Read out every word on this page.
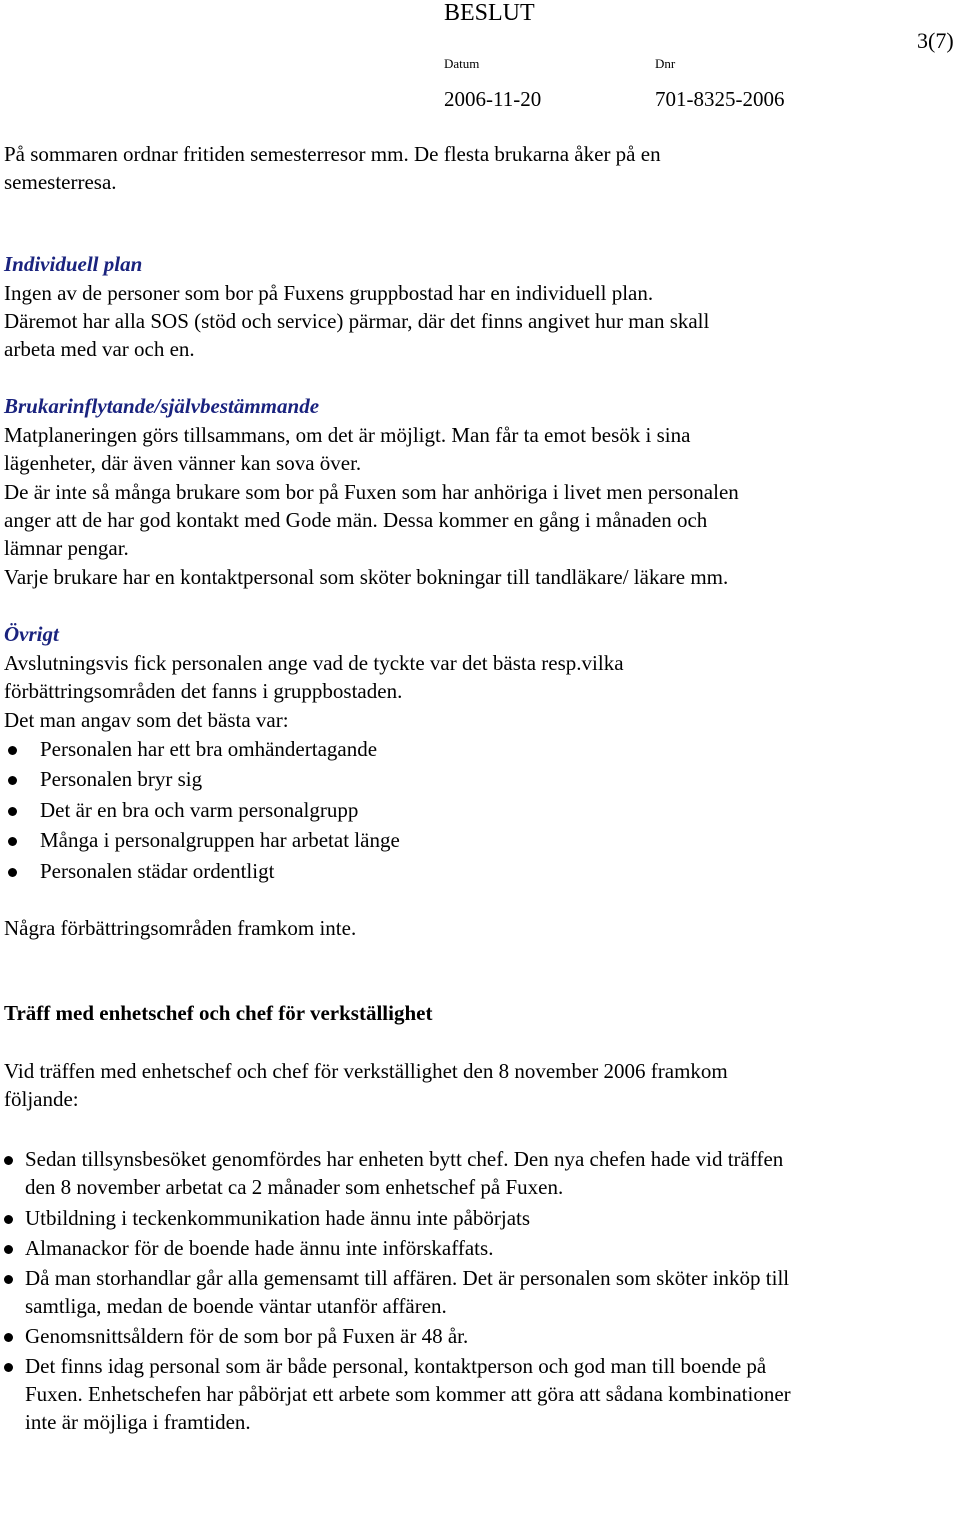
BESLUT
3(7)
Datum	Dnr
2006-11-20	701-8325-2006

På sommaren ordnar fritiden semesterresor mm. De flesta brukarna åker på en

semesterresa.

Individuell plan

Ingen av de personer som bor på Fuxens gruppbostad har en individuell plan.

Däremot har alla SOS (stöd och service) pärmar, där det finns angivet hur man skall

arbeta med var och en.

Brukarinflytande/självbestämmande

Matplaneringen görs tillsammans, om det är möjligt. Man får ta emot besök i sina

lägenheter, där även vänner kan sova över.

De är inte så många brukare som bor på Fuxen som har anhöriga i livet men personalen

anger att de har god kontakt med Gode män. Dessa kommer en gång i månaden och

lämnar pengar.

Varje brukare har en kontaktpersonal som sköter bokningar till tandläkare/ läkare mm.

Övrigt

Avslutningsvis fick personalen ange vad de tyckte var det bästa resp.vilka

förbättringsområden det fanns i gruppbostaden.

Det man angav som det bästa var:

Personalen har ett bra omhändertagande

Personalen bryr sig

Det är en bra och varm personalgrupp

Många i personalgruppen har arbetat länge

Personalen städar ordentligt

Några förbättringsområden framkom inte.

Träff med enhetschef och chef för verkställighet

Vid träffen med enhetschef och chef för verkställighet den 8 november 2006 framkom

följande:

Sedan tillsynsbesöket genomfördes har enheten bytt chef. Den nya chefen hade vid träffen

den 8 november arbetat ca 2 månader som enhetschef på Fuxen.

Utbildning i teckenkommunikation hade ännu inte påbörjats

Almanackor för de boende hade ännu inte införskaffats.

Då man storhandlar går alla gemensamt till affären. Det är personalen som sköter inköp till

samtliga, medan de boende väntar utanför affären.

Genomsnittsåldern för de som bor på Fuxen är 48 år.

Det finns idag personal som är både personal, kontaktperson och god man till boende på

Fuxen. Enhetschefen har påbörjat ett arbete som kommer att göra att sådana kombinationer

inte är möjliga i framtiden.
